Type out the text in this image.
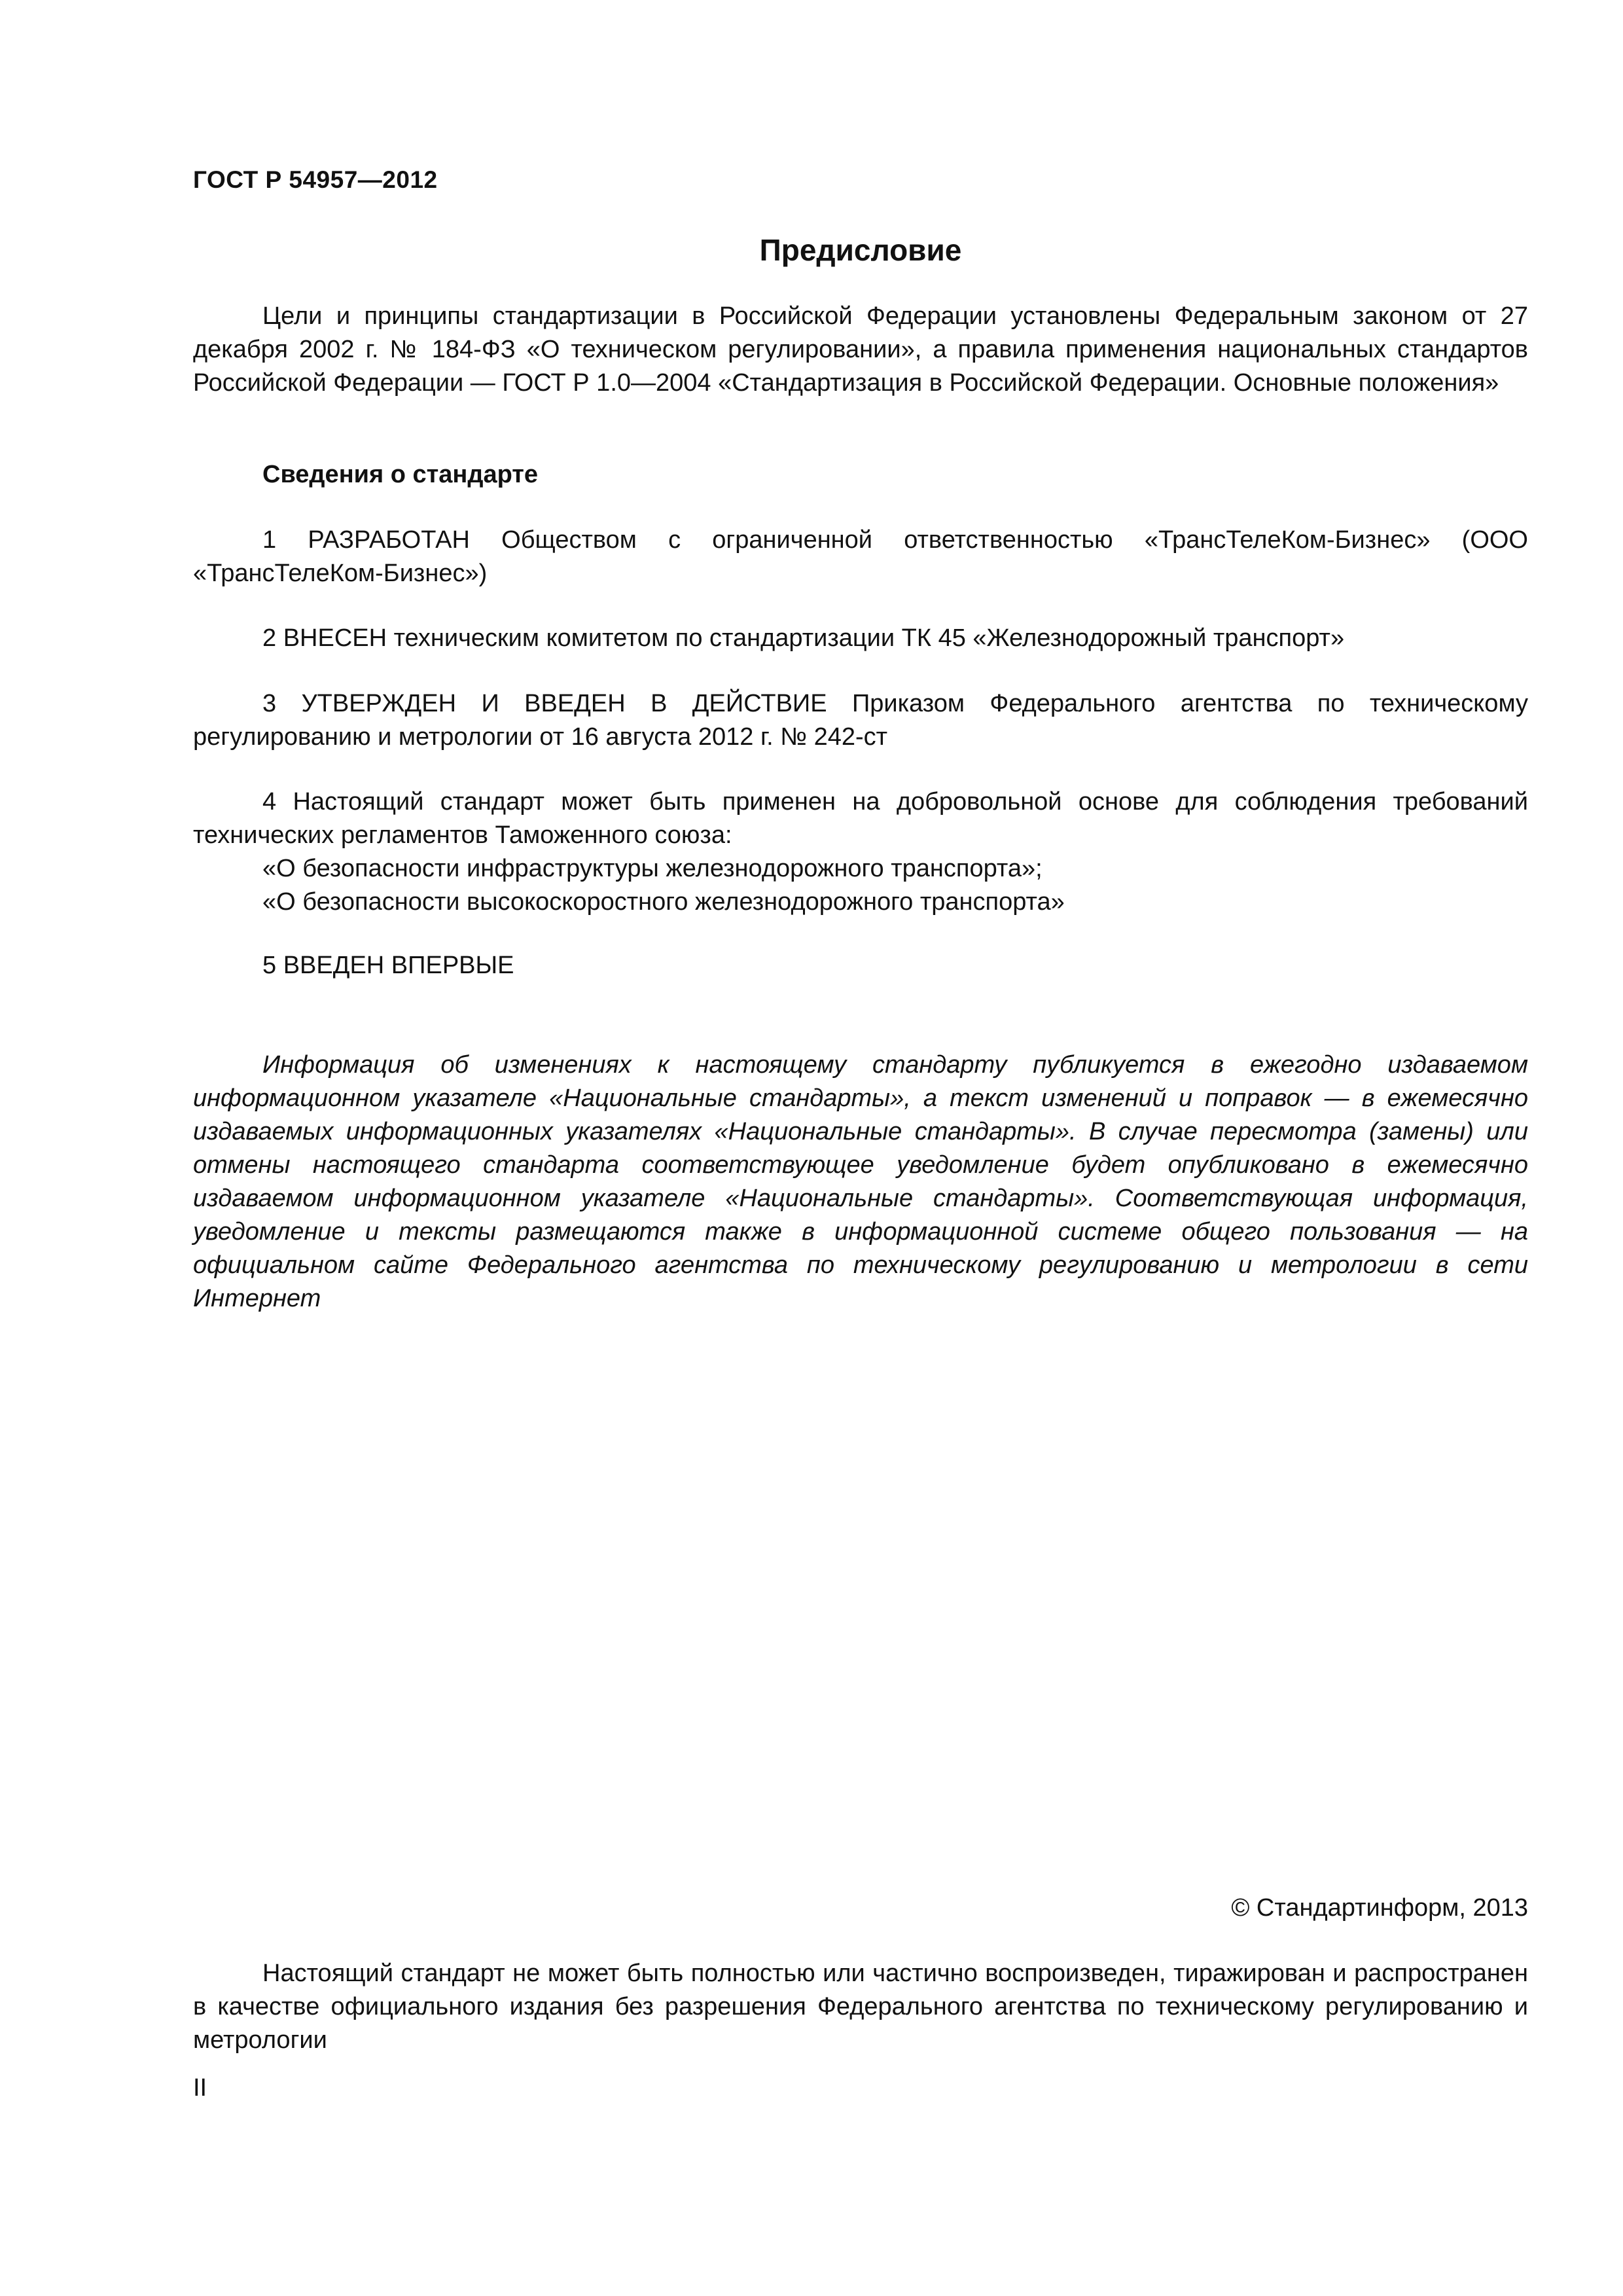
ГОСТ Р 54957—2012
Предисловие

Цели и принципы стандартизации в Российской Федерации установлены Федеральным законом от 27 декабря 2002 г. № 184-ФЗ «О техническом регулировании», а правила применения национальных стандартов Российской Федерации — ГОСТ Р 1.0—2004 «Стандартизация в Российской Федерации. Основные положения»

Сведения о стандарте

1 РАЗРАБОТАН Обществом с ограниченной ответственностью «ТрансТелеКом-Бизнес» (ООО «ТрансТелеКом-Бизнес»)

2 ВНЕСЕН техническим комитетом по стандартизации ТК 45 «Железнодорожный транспорт»

3 УТВЕРЖДЕН И ВВЕДЕН В ДЕЙСТВИЕ Приказом Федерального агентства по техническому регулированию и метрологии от 16 августа 2012 г. № 242-ст

4 Настоящий стандарт может быть применен на добровольной основе для соблюдения требований технических регламентов Таможенного союза:

«О безопасности инфраструктуры железнодорожного транспорта»;
«О безопасности высокоскоростного железнодорожного транспорта»
5 ВВЕДЕН ВПЕРВЫЕ

Информация об изменениях к настоящему стандарту публикуется в ежегодно издаваемом информационном указателе «Национальные стандарты», а текст изменений и поправок — в ежемесячно издаваемых информационных указателях «Национальные стандарты». В случае пересмотра (замены) или отмены настоящего стандарта соответствующее уведомление будет опубликовано в ежемесячно издаваемом информационном указателе «Национальные стандарты». Соответствующая информация, уведомление и тексты размещаются также в информационной системе общего пользования — на официальном сайте Федерального агентства по техническому регулированию и метрологии в сети Интернет

© Стандартинформ, 2013

Настоящий стандарт не может быть полностью или частично воспроизведен, тиражирован и распространен в качестве официального издания без разрешения Федерального агентства по техническому регулированию и метрологии

II
